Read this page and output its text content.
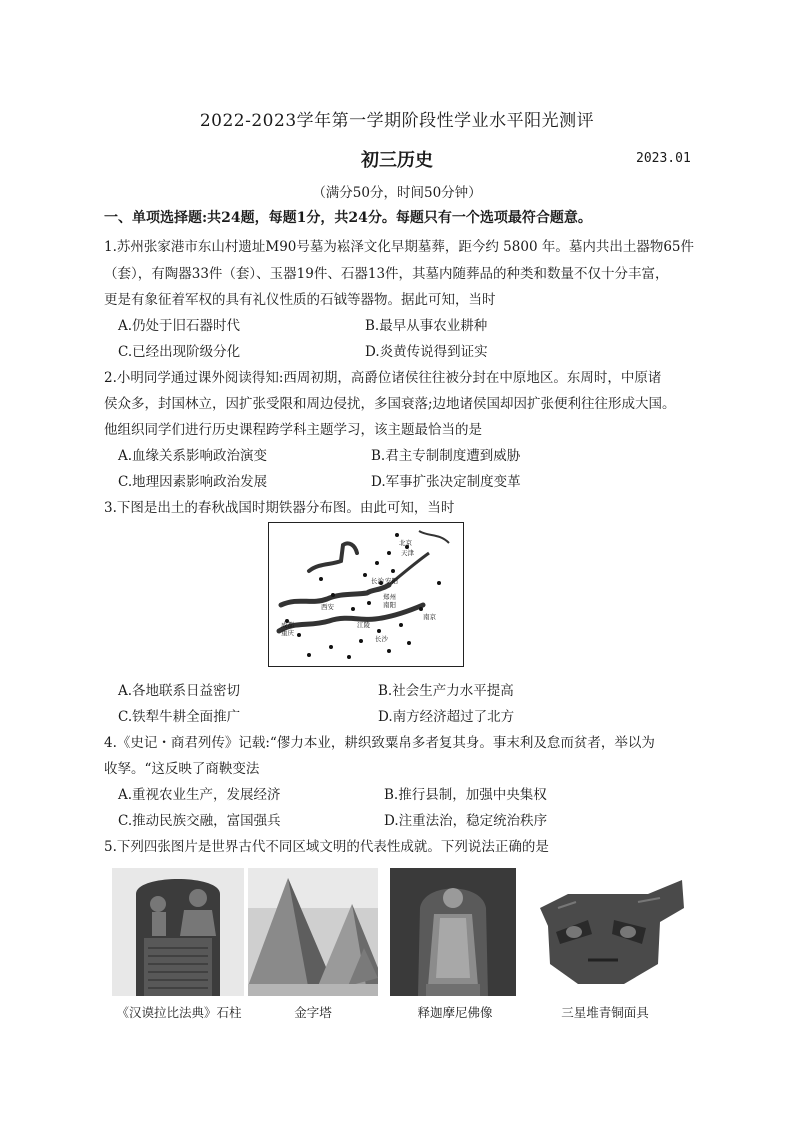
2022-2023学年第一学期阶段性学业水平阳光测评
初三历史	2023.01
（满分50分，时间50分钟）
一、单项选择题:共24题，每题1分，共24分。每题只有一个选项最符合题意。
1.苏州张家港市东山村遗址M90号墓为崧泽文化早期墓葬，距今约 5800 年。墓内共出土器物65件
（套），有陶器33件（套）、玉器19件、石器13件，其墓内随葬品的种类和数量不仅十分丰富，
更是有象征着军权的具有礼仪性质的石钺等器物。据此可知，当时
A.仍处于旧石器时代	B.最早从事农业耕种
C.已经出现阶级分化	D.炎黄传说得到证实
2.小明同学通过课外阅读得知:西周初期，高爵位诸侯往往被分封在中原地区。东周时，中原诸
侯众多，封国林立，因扩张受限和周边侵扰，多国衰落;边地诸侯国却因扩张便利往往形成大国。
他组织同学们进行历史课程跨学科主题学习，该主题最恰当的是
A.血缘关系影响政治演变	B.君主专制制度遭到威胁
C.地理因素影响政治发展	D.军事扩张决定制度变革
3.下图是出土的春秋战国时期铁器分布图。由此可知，当时
北京
天津
长治 安阳
郑州
南阳
西安
南京
成都
重庆
江陵
长沙
A.各地联系日益密切	B.社会生产力水平提高
C.铁犁牛耕全面推广	D.南方经济超过了北方
4.《史记・商君列传》记载:“僇力本业，耕织致粟帛多者复其身。事末利及怠而贫者，举以为
收孥。“这反映了商鞅变法
A.重视农业生产，发展经济	B.推行县制，加强中央集权
C.推动民族交融，富国强兵	D.注重法治，稳定统治秩序
5.下列四张图片是世界古代不同区域文明的代表性成就。下列说法正确的是
《汉谟拉比法典》石柱	金字塔	释迦摩尼佛像	三星堆青铜面具
